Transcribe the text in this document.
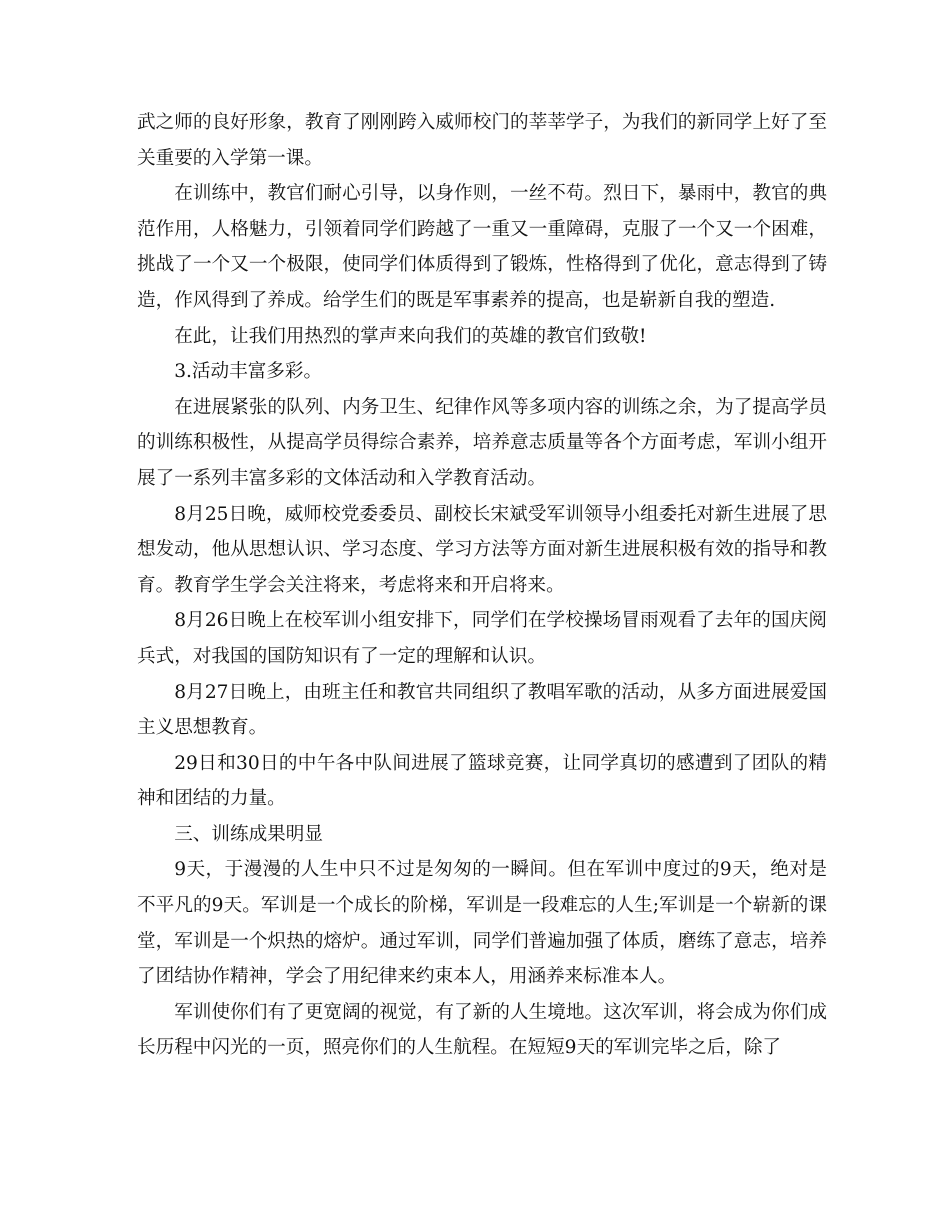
武之师的良好形象，教育了刚刚跨入威师校门的莘莘学子，为我们的新同学上好了至关重要的入学第一课。

在训练中，教官们耐心引导，以身作则，一丝不苟。烈日下，暴雨中，教官的典范作用，人格魅力，引领着同学们跨越了一重又一重障碍，克服了一个又一个困难，挑战了一个又一个极限，使同学们体质得到了锻炼，性格得到了优化，意志得到了铸造，作风得到了养成。给学生们的既是军事素养的提高，也是崭新自我的塑造.

在此，让我们用热烈的掌声来向我们的英雄的教官们致敬!

3.活动丰富多彩。

在进展紧张的队列、内务卫生、纪律作风等多项内容的训练之余，为了提高学员的训练积极性，从提高学员得综合素养，培养意志质量等各个方面考虑，军训小组开展了一系列丰富多彩的文体活动和入学教育活动。

8月25日晚，威师校党委委员、副校长宋斌受军训领导小组委托对新生进展了思想发动，他从思想认识、学习态度、学习方法等方面对新生进展积极有效的指导和教育。教育学生学会关注将来，考虑将来和开启将来。

8月26日晚上在校军训小组安排下，同学们在学校操场冒雨观看了去年的国庆阅兵式，对我国的国防知识有了一定的理解和认识。

8月27日晚上，由班主任和教官共同组织了教唱军歌的活动，从多方面进展爱国主义思想教育。

29日和30日的中午各中队间进展了篮球竞赛，让同学真切的感遭到了团队的精神和团结的力量。

三、训练成果明显

9天，于漫漫的人生中只不过是匆匆的一瞬间。但在军训中度过的9天，绝对是不平凡的9天。军训是一个成长的阶梯，军训是一段难忘的人生;军训是一个崭新的课堂，军训是一个炽热的熔炉。通过军训，同学们普遍加强了体质，磨练了意志，培养了团结协作精神，学会了用纪律来约束本人，用涵养来标准本人。

军训使你们有了更宽阔的视觉，有了新的人生境地。这次军训，将会成为你们成长历程中闪光的一页，照亮你们的人生航程。在短短9天的军训完毕之后，除了
